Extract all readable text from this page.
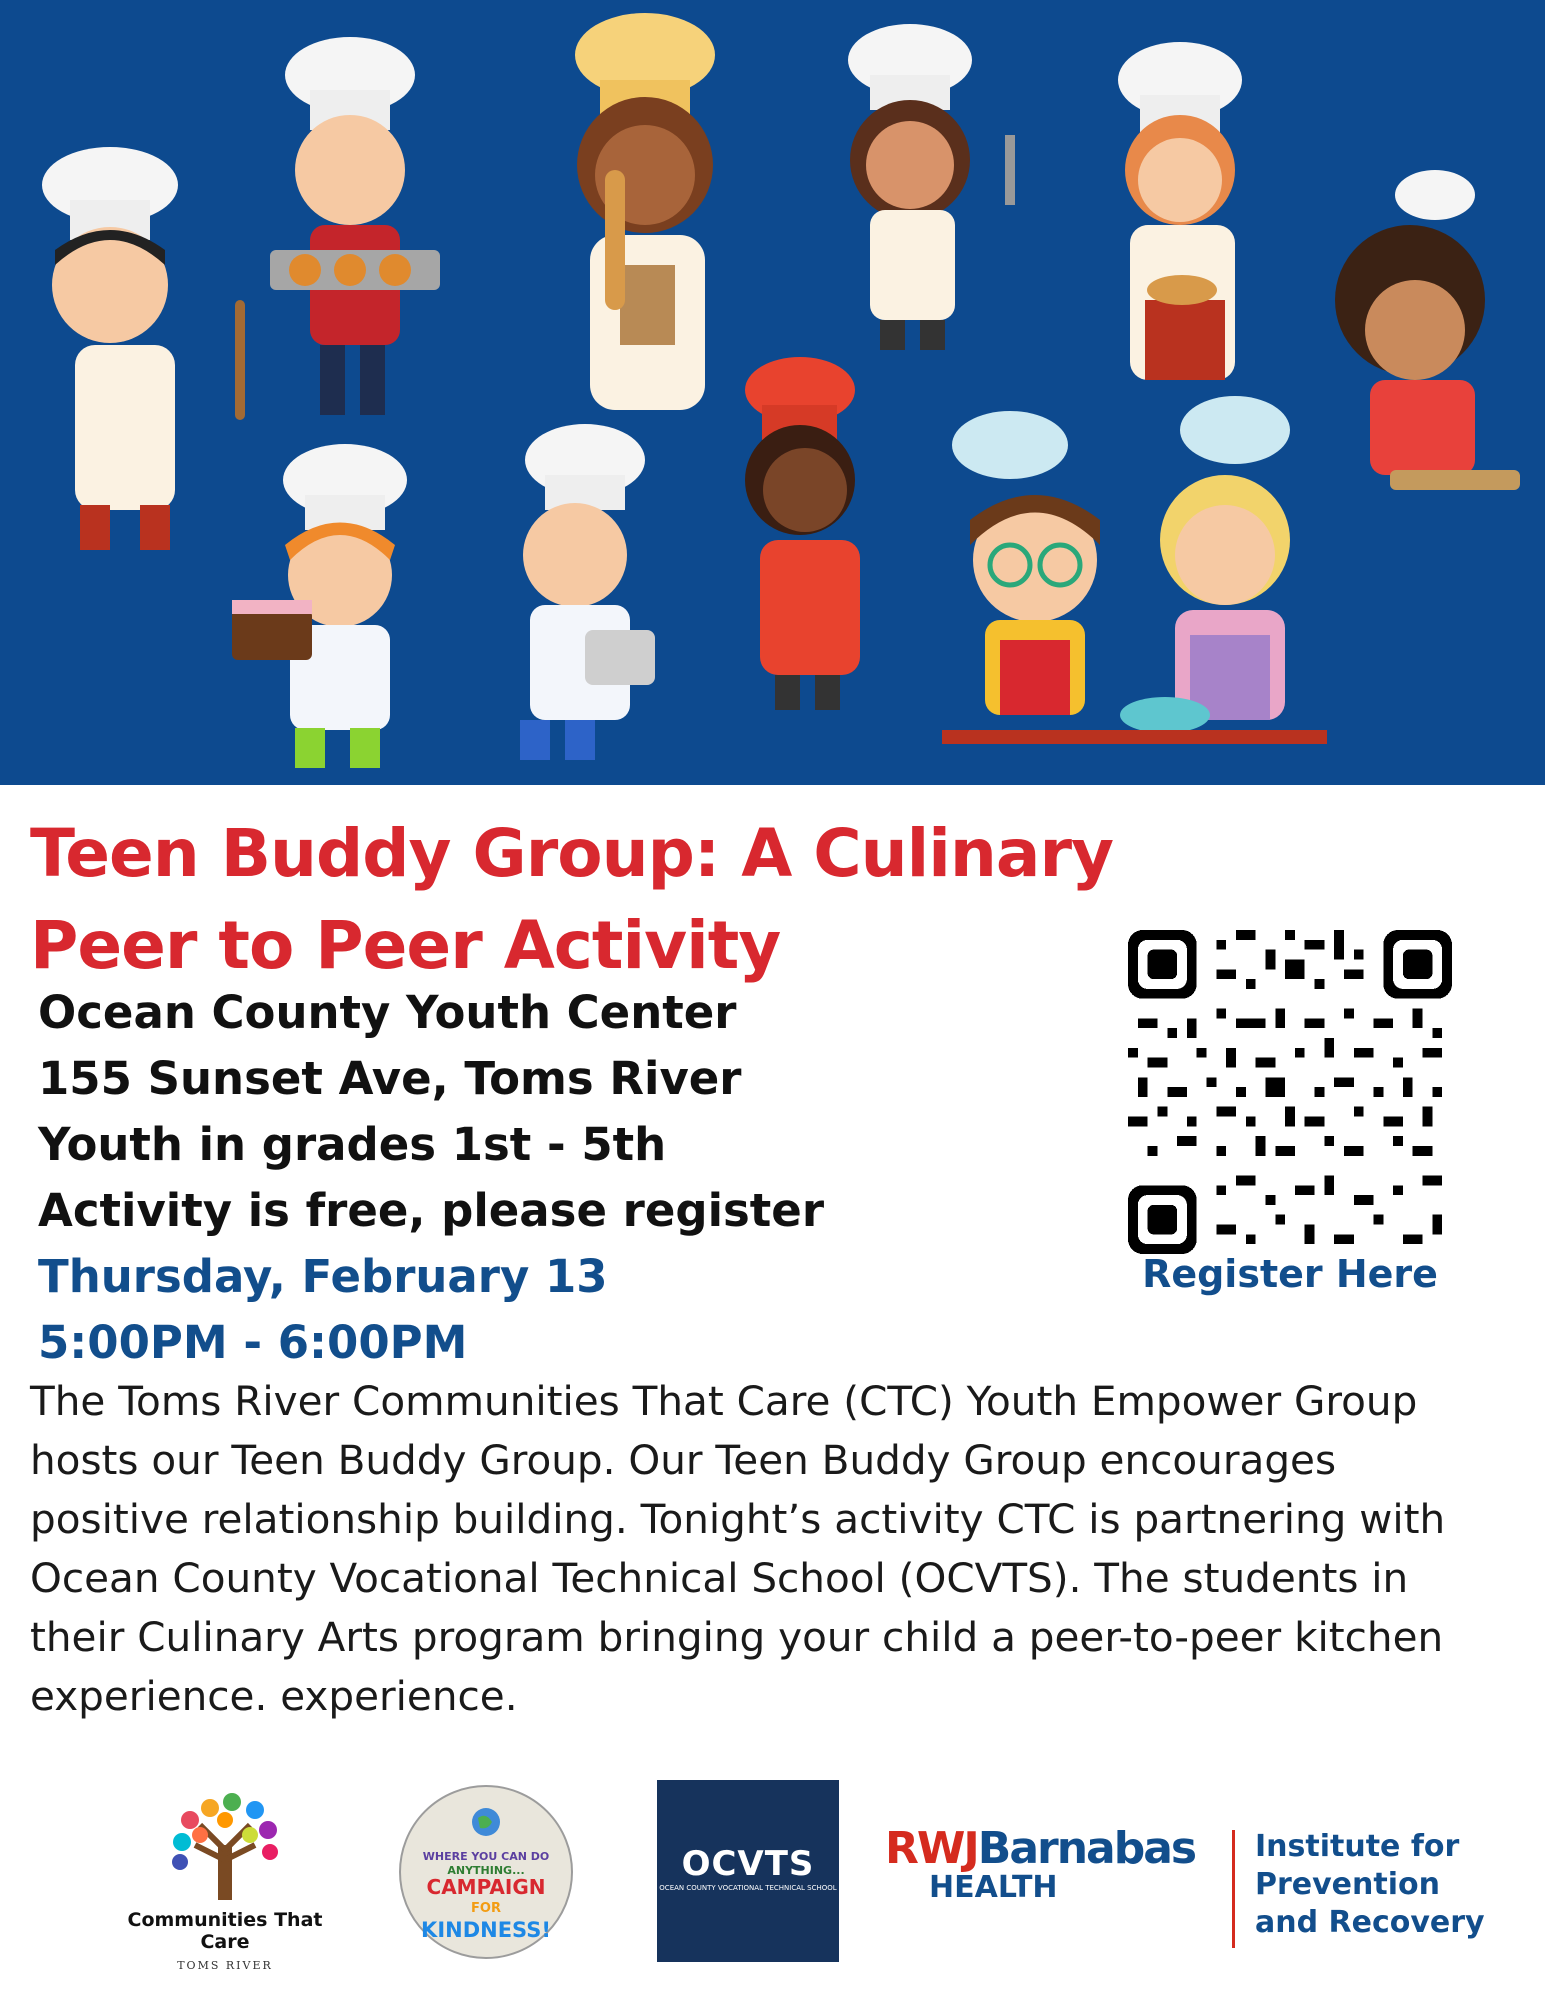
Teen Buddy Group: A Culinary
Peer to Peer Activity
Ocean County Youth Center
155 Sunset Ave, Toms River
Youth in grades 1st - 5th
Activity is free, please register
Thursday, February 13
5:00PM - 6:00PM
Register Here

The Toms River Communities That Care (CTC) Youth Empower Group hosts our Teen Buddy Group. Our Teen Buddy Group encourages positive relationship building. Tonight’s activity CTC is partnering with Ocean County Vocational Technical School (OCVTS). The students in their Culinary Arts program bringing your child a peer-to-peer kitchen experience. experience.

Communities That Care
TOMS RIVER
WHERE YOU CAN DO
ANYTHING...
CAMPAIGN
FOR
KINDNESS!
OCVTS
OCEAN COUNTY VOCATIONAL TECHNICAL SCHOOL
RWJBarnabas
HEALTH
Institute for
Prevention
and Recovery
